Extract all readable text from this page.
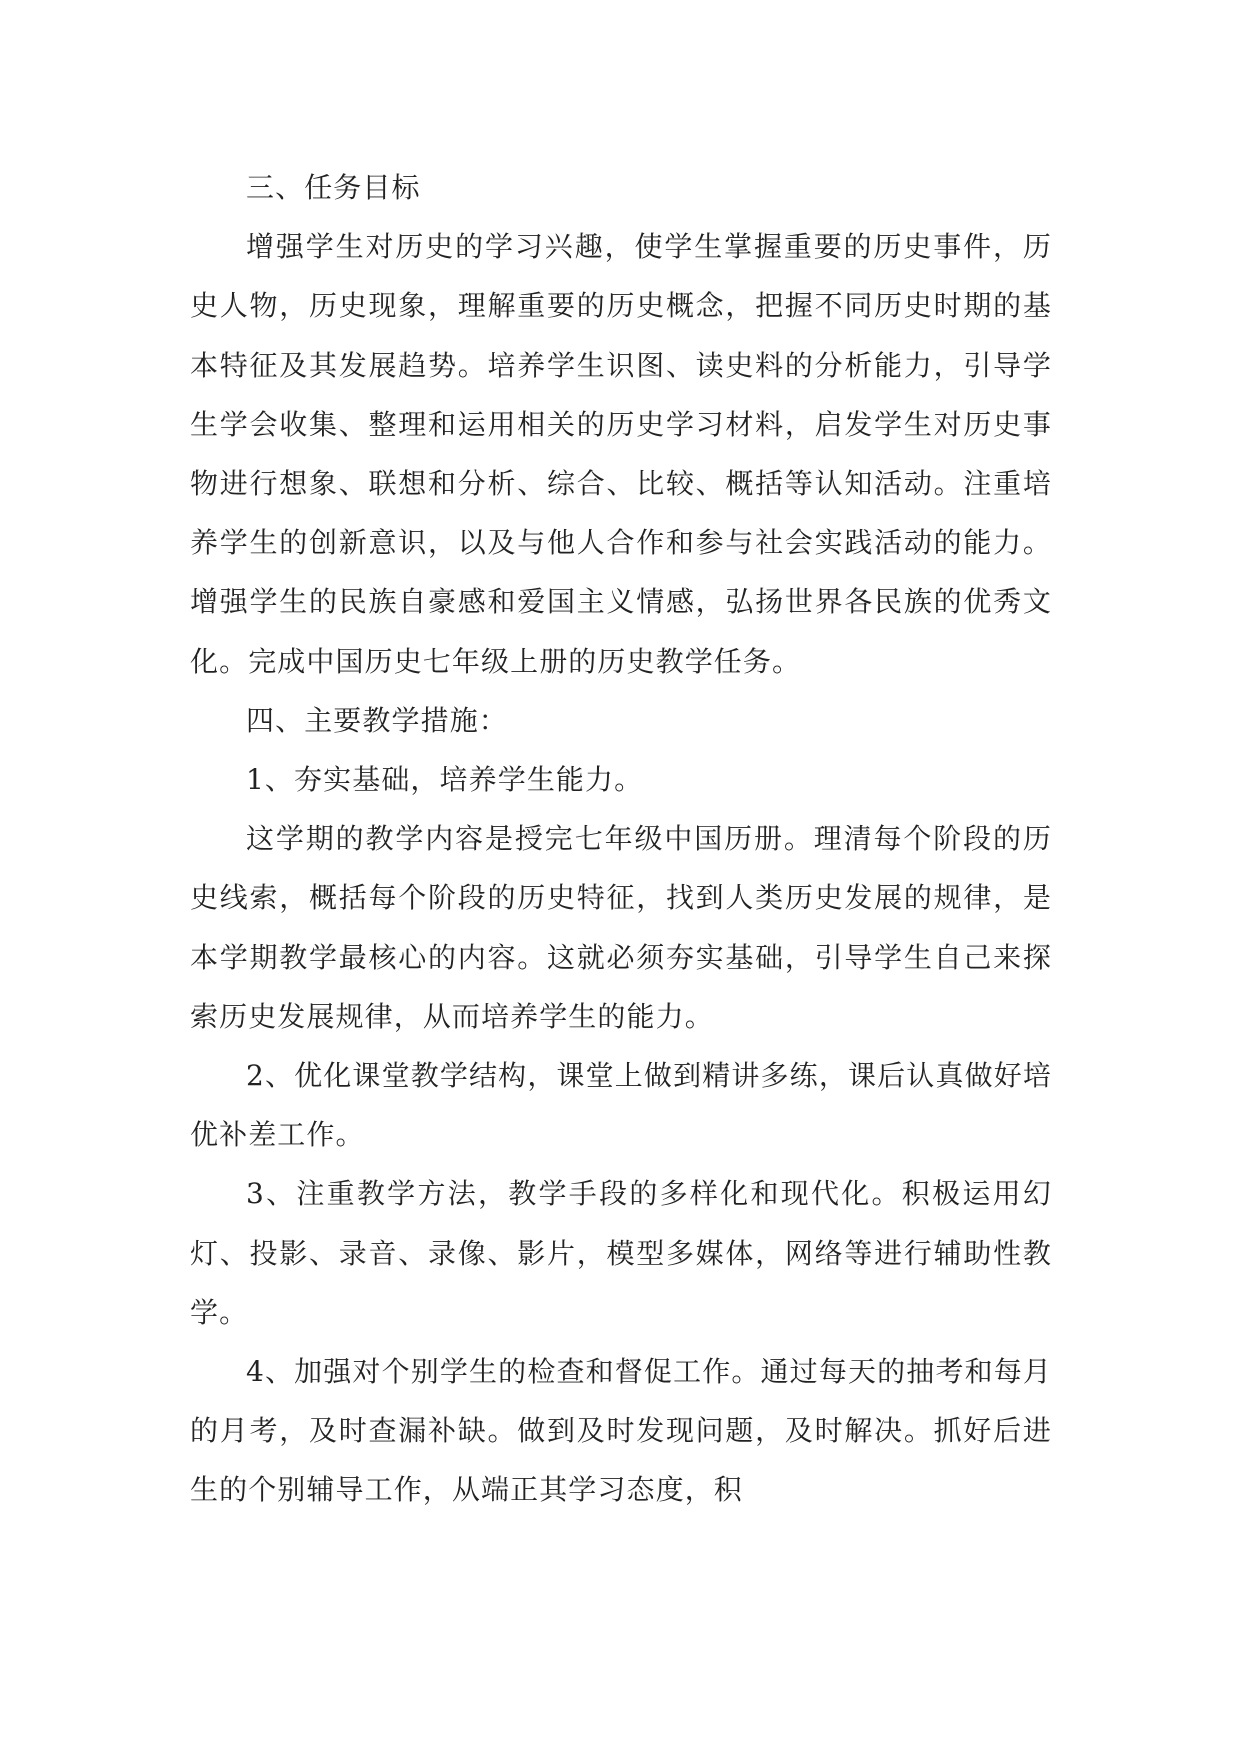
三、任务目标

增强学生对历史的学习兴趣，使学生掌握重要的历史事件，历史人物，历史现象，理解重要的历史概念，把握不同历史时期的基本特征及其发展趋势。培养学生识图、读史料的分析能力，引导学生学会收集、整理和运用相关的历史学习材料，启发学生对历史事物进行想象、联想和分析、综合、比较、概括等认知活动。注重培养学生的创新意识，以及与他人合作和参与社会实践活动的能力。增强学生的民族自豪感和爱国主义情感，弘扬世界各民族的优秀文化。完成中国历史七年级上册的历史教学任务。

四、主要教学措施：

1、夯实基础，培养学生能力。

这学期的教学内容是授完七年级中国历册。理清每个阶段的历史线索，概括每个阶段的历史特征，找到人类历史发展的规律，是本学期教学最核心的内容。这就必须夯实基础，引导学生自己来探索历史发展规律，从而培养学生的能力。

2、优化课堂教学结构，课堂上做到精讲多练，课后认真做好培优补差工作。

3、注重教学方法，教学手段的多样化和现代化。积极运用幻灯、投影、录音、录像、影片，模型多媒体，网络等进行辅助性教学。

4、加强对个别学生的检查和督促工作。通过每天的抽考和每月的月考，及时查漏补缺。做到及时发现问题，及时解决。抓好后进生的个别辅导工作，从端正其学习态度，积
